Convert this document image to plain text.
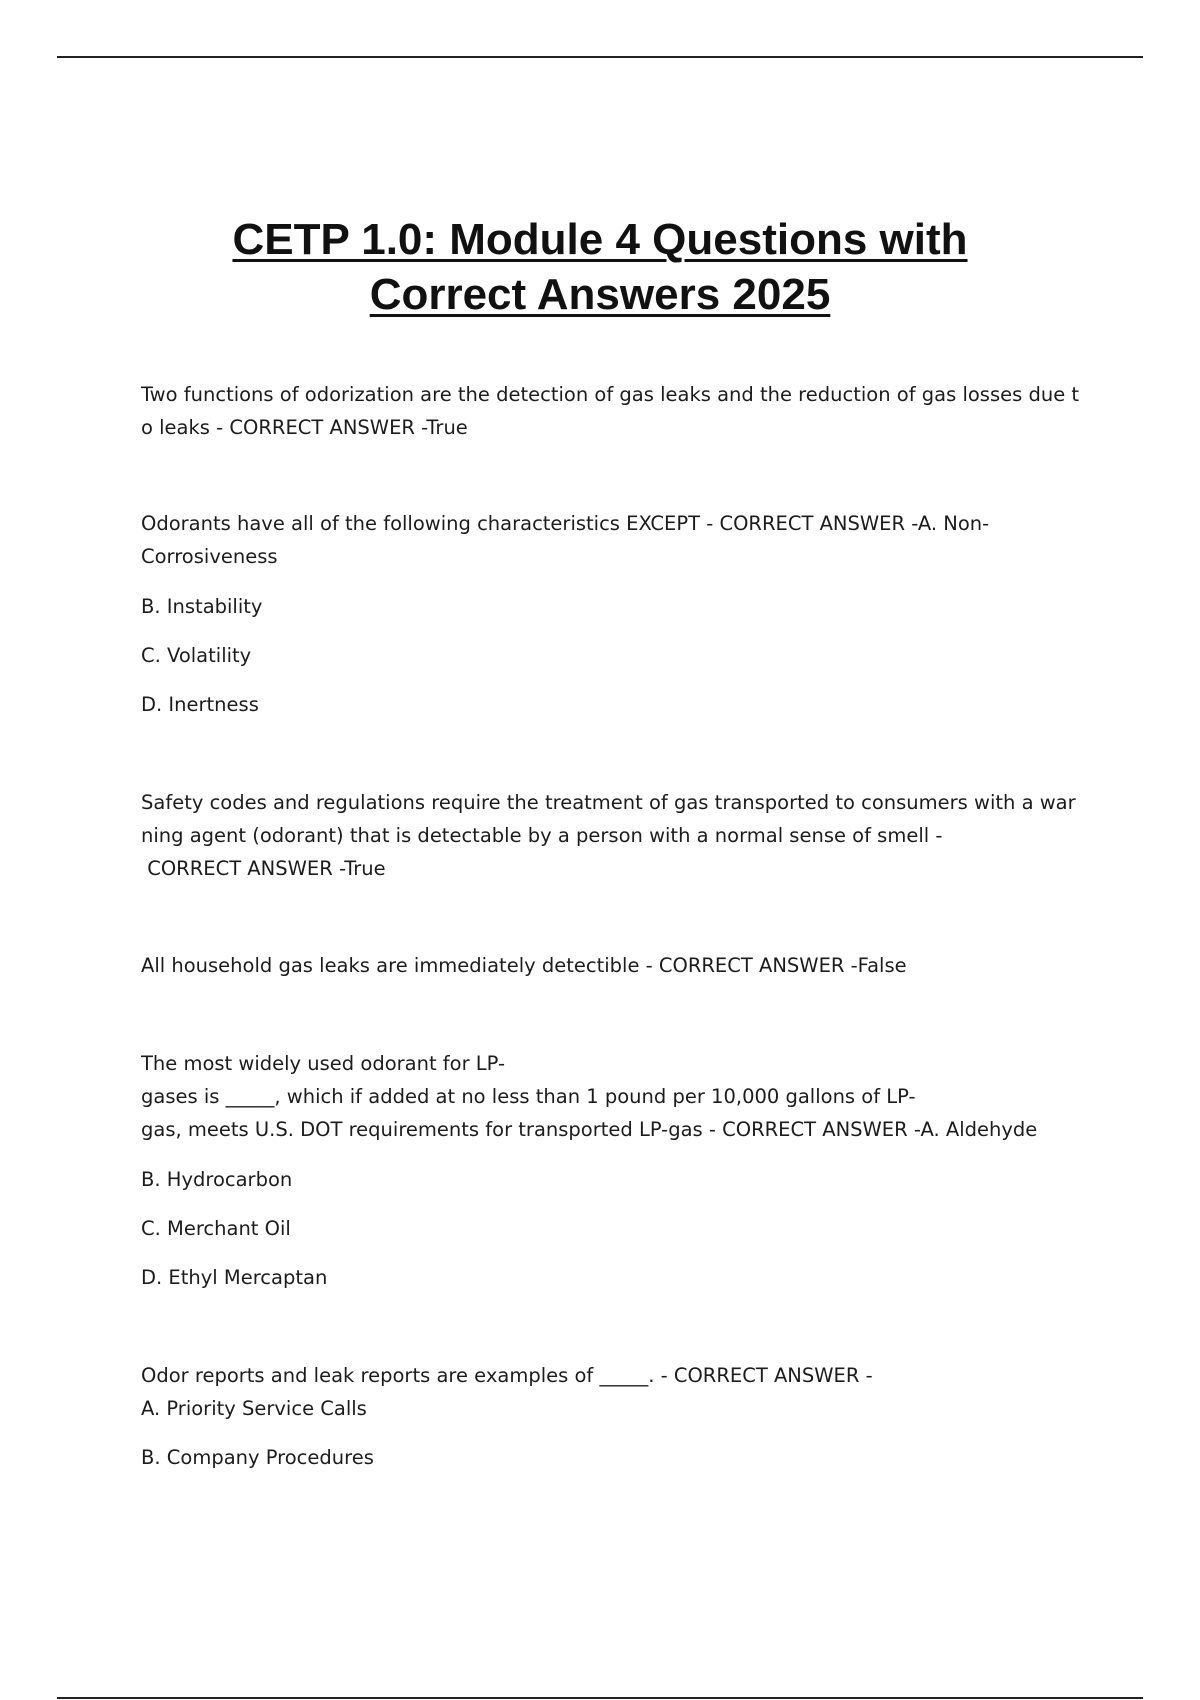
CETP 1.0: Module 4 Questions with
Correct Answers 2025
Two functions of odorization are the detection of gas leaks and the reduction of gas losses due t
o leaks - CORRECT ANSWER -True
Odorants have all of the following characteristics EXCEPT - CORRECT ANSWER -A. Non-
Corrosiveness
B. Instability
C. Volatility
D. Inertness
Safety codes and regulations require the treatment of gas transported to consumers with a war
ning agent (odorant) that is detectable by a person with a normal sense of smell -
CORRECT ANSWER -True
All household gas leaks are immediately detectible - CORRECT ANSWER -False
The most widely used odorant for LP-
gases is _____, which if added at no less than 1 pound per 10,000 gallons of LP-
gas, meets U.S. DOT requirements for transported LP-gas - CORRECT ANSWER -A. Aldehyde
B. Hydrocarbon
C. Merchant Oil
D. Ethyl Mercaptan
Odor reports and leak reports are examples of _____. - CORRECT ANSWER -
A. Priority Service Calls
B. Company Procedures
